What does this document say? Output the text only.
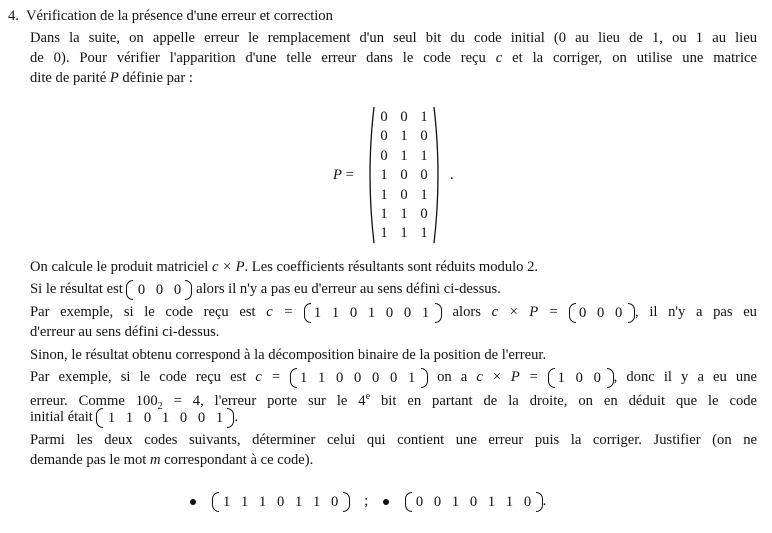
4. Vérification de la présence d'une erreur et correction
Dans la suite, on appelle erreur le remplacement d'un seul bit du code initial (0 au lieu de 1, ou 1 au lieu
de 0). Pour vérifier l'apparition d'une telle erreur dans le code reçu c et la corriger, on utilise une matrice
dite de parité P définie par :
P =
0 0 1
0 1 0
0 1 1
1 0 0
1 0 1
1 1 0
1 1 1
.
On calcule le produit matriciel c × P. Les coefficients résultants sont réduits modulo 2.
Si le résultat est 0 0 0 alors il n'y a pas eu d'erreur au sens défini ci-dessus.
Par exemple, si le code reçu est c = 1 1 0 1 0 0 1 alors c × P = 0 0 0 , il n'y a pas eu
d'erreur au sens défini ci-dessus.
Sinon, le résultat obtenu correspond à la décomposition binaire de la position de l'erreur.
Par exemple, si le code reçu est c = 1 1 0 0 0 0 1 on a c × P = 1 0 0 , donc il y a eu une
erreur. Comme $100_2 = 4$, l'erreur porte sur le 4e bit en partant de la droite, on en déduit que le code
initial était 1 1 0 1 0 0 1 .
Parmi les deux codes suivants, déterminer celui qui contient une erreur puis la corriger. Justifier (on ne
demande pas le mot m correspondant à ce code).
1 1 1 0 1 1 0 ;	0 0 1 0 1 1 0 .
